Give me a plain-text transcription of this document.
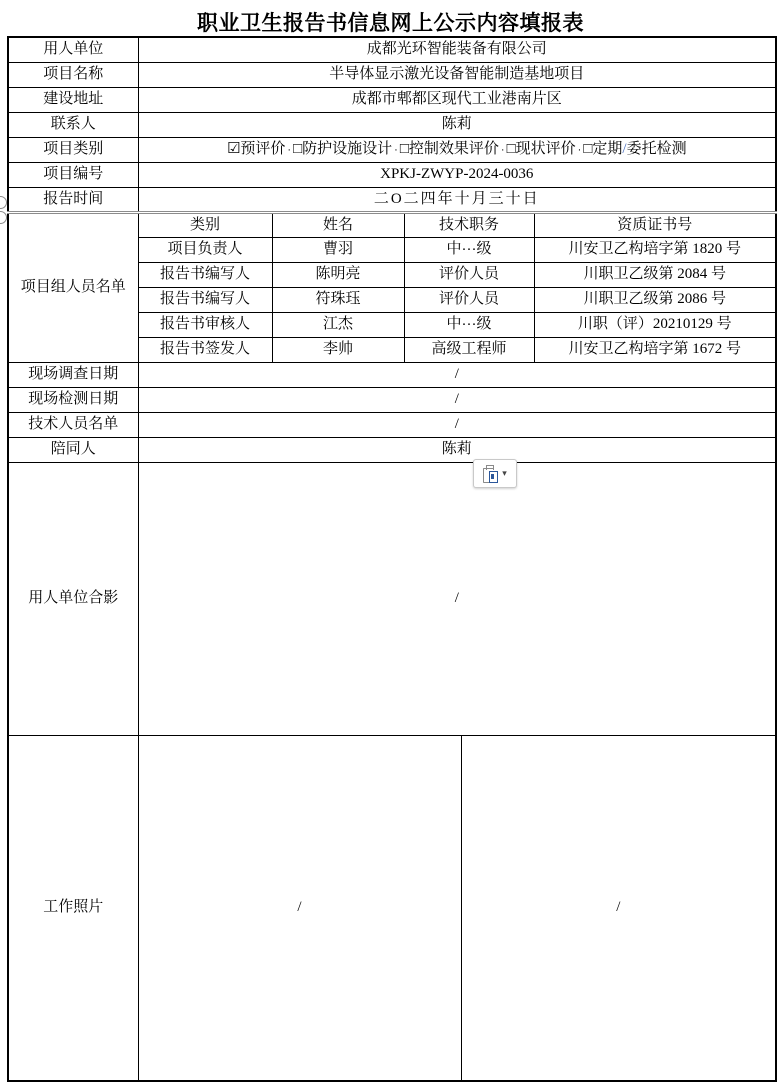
职业卫生报告书信息网上公示内容填报表
用人单位	成都光环智能装备有限公司				
项目名称	半导体显示激光设备智能制造基地项目				
建设地址	成都市郫都区现代工业港南片区				
联系人	陈莉				
项目类别	☑预评价 · □防护设施设计 · □控制效果评价 · □现状评价 · □定期/委托检测				
项目编号	XPKJ-ZWYP-2024-0036				
报告时间	二O二四年十月三十日				
项目组人员名单	类别	姓名	技术职务		资质证书号
	项目负责人	曹羽	中···级		川安卫乙构培字第 1820 号
	报告书编写人	陈明亮	评价人员		川职卫乙级第 2084 号
	报告书编写人	符珠珏	评价人员		川职卫乙级第 2086 号
	报告书审核人	江杰	中···级		川职（评）20210129 号
	报告书签发人	李帅	高级工程师		川安卫乙构培字第 1672 号
现场调查日期	/				
现场检测日期	/				
技术人员名单	/				
陪同人	陈莉				
用人单位合影	/				
工作照片	/			/	
▾
